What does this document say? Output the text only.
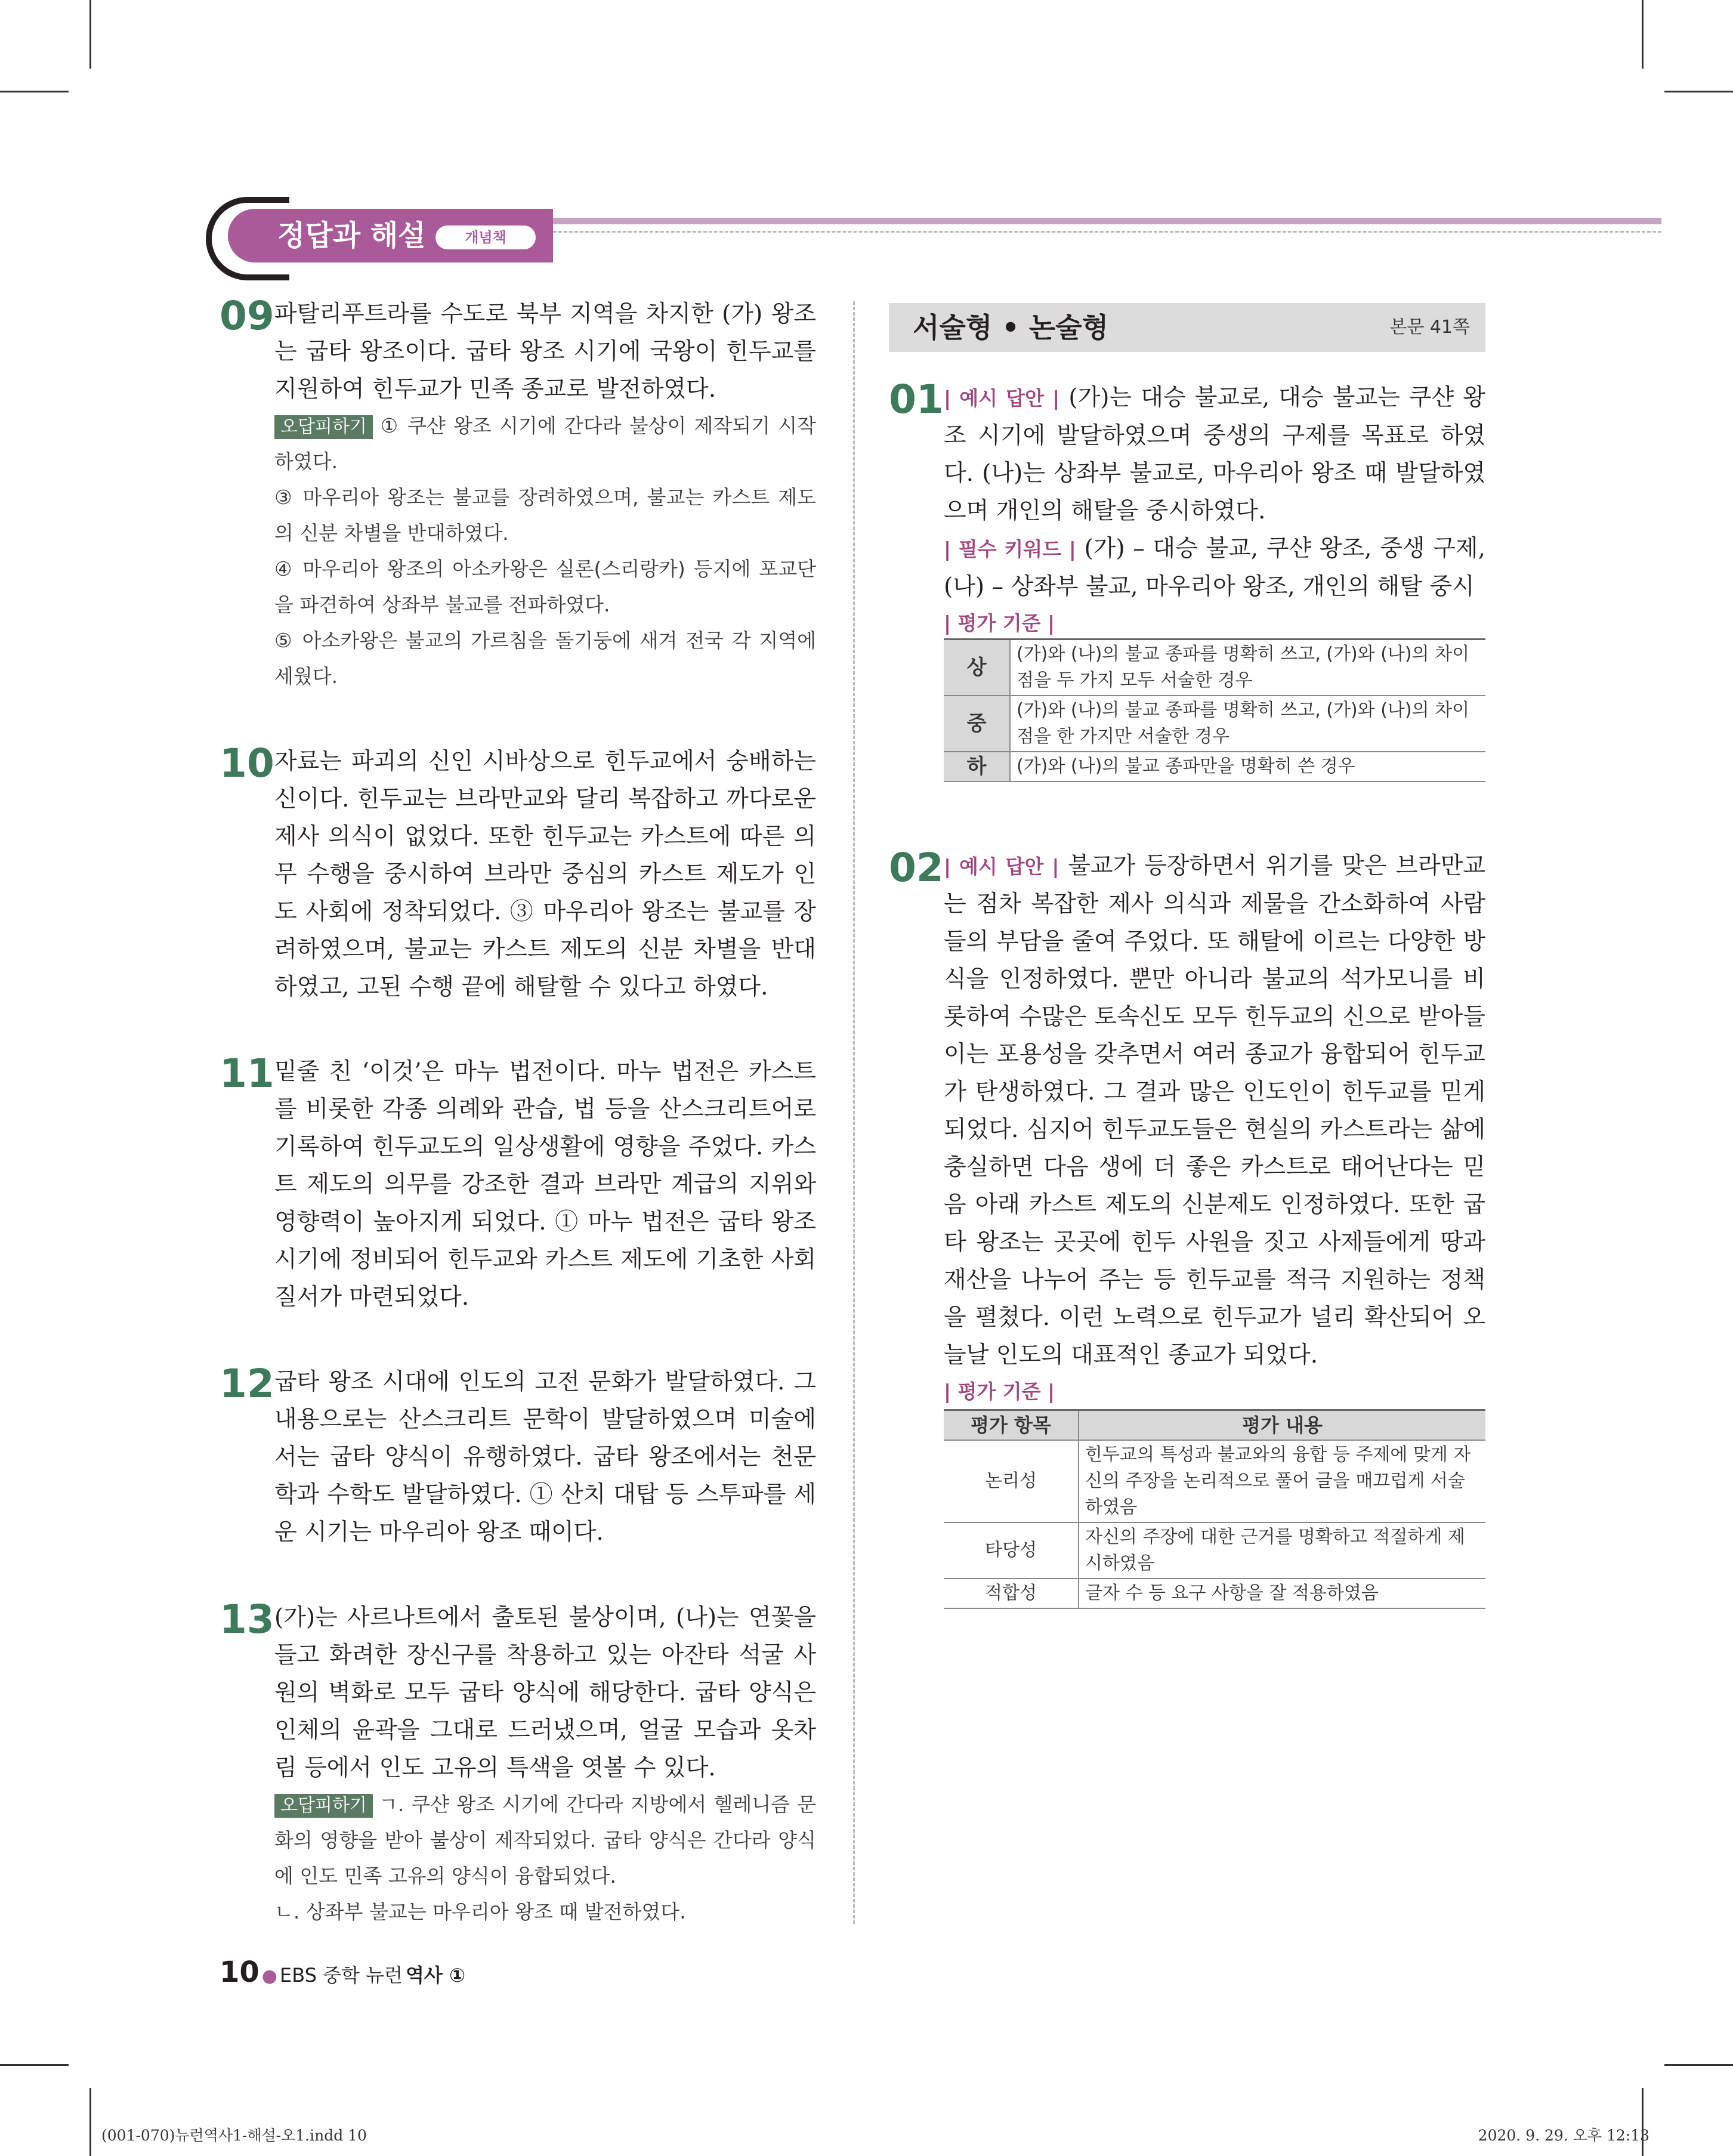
정답과 해설	개념책
09 파탈리푸트라를 수도로 북부 지역을 차지한 (가) 왕조는 굽타 왕조이다. 굽타 왕조 시기에 국왕이 힌두교를 지원하여 힌두교가 민족 종교로 발전하였다.
오답피하기 ① 쿠샨 왕조 시기에 간다라 불상이 제작되기 시작하였다.
③ 마우리아 왕조는 불교를 장려하였으며, 불교는 카스트 제도의 신분 차별을 반대하였다.
④ 마우리아 왕조의 아소카왕은 실론(스리랑카) 등지에 포교단을 파견하여 상좌부 불교를 전파하였다.
⑤ 아소카왕은 불교의 가르침을 돌기둥에 새겨 전국 각 지역에 세웠다.
10 자료는 파괴의 신인 시바상으로 힌두교에서 숭배하는 신이다. 힌두교는 브라만교와 달리 복잡하고 까다로운 제사 의식이 없었다. 또한 힌두교는 카스트에 따른 의무 수행을 중시하여 브라만 중심의 카스트 제도가 인도 사회에 정착되었다. ③ 마우리아 왕조는 불교를 장려하였으며, 불교는 카스트 제도의 신분 차별을 반대하였고, 고된 수행 끝에 해탈할 수 있다고 하였다.
11 밑줄 친 ‘이것’은 마누 법전이다. 마누 법전은 카스트를 비롯한 각종 의례와 관습, 법 등을 산스크리트어로 기록하여 힌두교도의 일상생활에 영향을 주었다. 카스트 제도의 의무를 강조한 결과 브라만 계급의 지위와 영향력이 높아지게 되었다. ① 마누 법전은 굽타 왕조 시기에 정비되어 힌두교와 카스트 제도에 기초한 사회 질서가 마련되었다.
12 굽타 왕조 시대에 인도의 고전 문화가 발달하였다. 그 내용으로는 산스크리트 문학이 발달하였으며 미술에서는 굽타 양식이 유행하였다. 굽타 왕조에서는 천문학과 수학도 발달하였다. ① 산치 대탑 등 스투파를 세운 시기는 마우리아 왕조 때이다.
13 (가)는 사르나트에서 출토된 불상이며, (나)는 연꽃을 들고 화려한 장신구를 착용하고 있는 아잔타 석굴 사원의 벽화로 모두 굽타 양식에 해당한다. 굽타 양식은 인체의 윤곽을 그대로 드러냈으며, 얼굴 모습과 옷차림 등에서 인도 고유의 특색을 엿볼 수 있다.
오답피하기 ㄱ. 쿠샨 왕조 시기에 간다라 지방에서 헬레니즘 문화의 영향을 받아 불상이 제작되었다. 굽타 양식은 간다라 양식에 인도 민족 고유의 양식이 융합되었다.
ㄴ. 상좌부 불교는 마우리아 왕조 때 발전하였다.
서술형 • 논술형	본문 41쪽
01 | 예시 답안 | (가)는 대승 불교로, 대승 불교는 쿠샨 왕조 시기에 발달하였으며 중생의 구제를 목표로 하였다. (나)는 상좌부 불교로, 마우리아 왕조 때 발달하였으며 개인의 해탈을 중시하였다.
| 필수 키워드 | (가) – 대승 불교, 쿠샨 왕조, 중생 구제, (나) – 상좌부 불교, 마우리아 왕조, 개인의 해탈 중시
| 평가 기준 |
상	(가)와 (나)의 불교 종파를 명확히 쓰고, (가)와 (나)의 차이점을 두 가지 모두 서술한 경우
중	(가)와 (나)의 불교 종파를 명확히 쓰고, (가)와 (나)의 차이점을 한 가지만 서술한 경우
하	(가)와 (나)의 불교 종파만을 명확히 쓴 경우
02 | 예시 답안 | 불교가 등장하면서 위기를 맞은 브라만교는 점차 복잡한 제사 의식과 제물을 간소화하여 사람들의 부담을 줄여 주었다. 또 해탈에 이르는 다양한 방식을 인정하였다. 뿐만 아니라 불교의 석가모니를 비롯하여 수많은 토속신도 모두 힌두교의 신으로 받아들이는 포용성을 갖추면서 여러 종교가 융합되어 힌두교가 탄생하였다. 그 결과 많은 인도인이 힌두교를 믿게 되었다. 심지어 힌두교도들은 현실의 카스트라는 삶에 충실하면 다음 생에 더 좋은 카스트로 태어난다는 믿음 아래 카스트 제도의 신분제도 인정하였다. 또한 굽타 왕조는 곳곳에 힌두 사원을 짓고 사제들에게 땅과 재산을 나누어 주는 등 힌두교를 적극 지원하는 정책을 펼쳤다. 이런 노력으로 힌두교가 널리 확산되어 오늘날 인도의 대표적인 종교가 되었다.
| 평가 기준 |
평가 항목	평가 내용
논리성	힌두교의 특성과 불교와의 융합 등 주제에 맞게 자신의 주장을 논리적으로 풀어 글을 매끄럽게 서술하였음
타당성	자신의 주장에 대한 근거를 명확하고 적절하게 제시하였음
적합성	글자 수 등 요구 사항을 잘 적용하였음
10 ● EBS 중학 뉴런 역사 ①
(001-070)뉴런역사1-해설-오1.indd 10	2020. 9. 29. 오후 12:13
